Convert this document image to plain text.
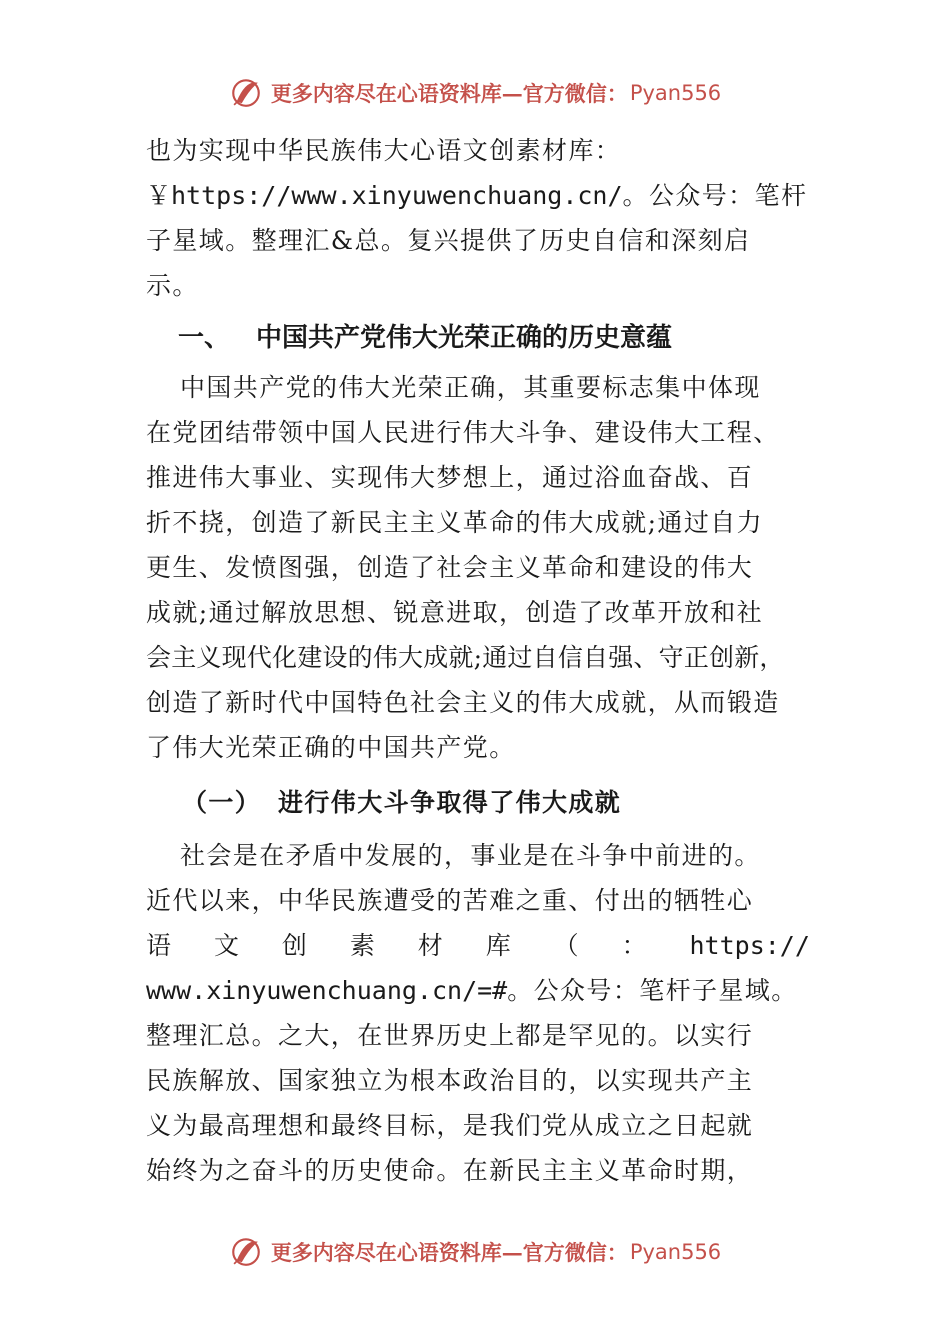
更多内容尽在心语资料库—官方微信： Pyan556

也为实现中华民族伟大心语文创素材库：
￥https://www.xinyuwenchuang.cn/。公众号：笔杆
子星域。整理汇&总。复兴提供了历史自信和深刻启
示。

一、 中国共产党伟大光荣正确的历史意蕴

中国共产党的伟大光荣正确，其重要标志集中体现
在党团结带领中国人民进行伟大斗争、建设伟大工程、
推进伟大事业、实现伟大梦想上，通过浴血奋战、百
折不挠，创造了新民主主义革命的伟大成就;通过自力
更生、发愤图强，创造了社会主义革命和建设的伟大
成就;通过解放思想、锐意进取，创造了改革开放和社
会主义现代化建设的伟大成就;通过自信自强、守正创新，
创造了新时代中国特色社会主义的伟大成就，从而锻造
了伟大光荣正确的中国共产党。

（一） 进行伟大斗争取得了伟大成就

社会是在矛盾中发展的，事业是在斗争中前进的。
近代以来，中华民族遭受的苦难之重、付出的牺牲心
语 文 创 素 材 库 （ ： https://
www.xinyuwenchuang.cn/=#。公众号：笔杆子星域。
整理汇总。之大，在世界历史上都是罕见的。以实行
民族解放、国家独立为根本政治目的，以实现共产主
义为最高理想和最终目标，是我们党从成立之日起就
始终为之奋斗的历史使命。在新民主主义革命时期，

更多内容尽在心语资料库—官方微信： Pyan556
